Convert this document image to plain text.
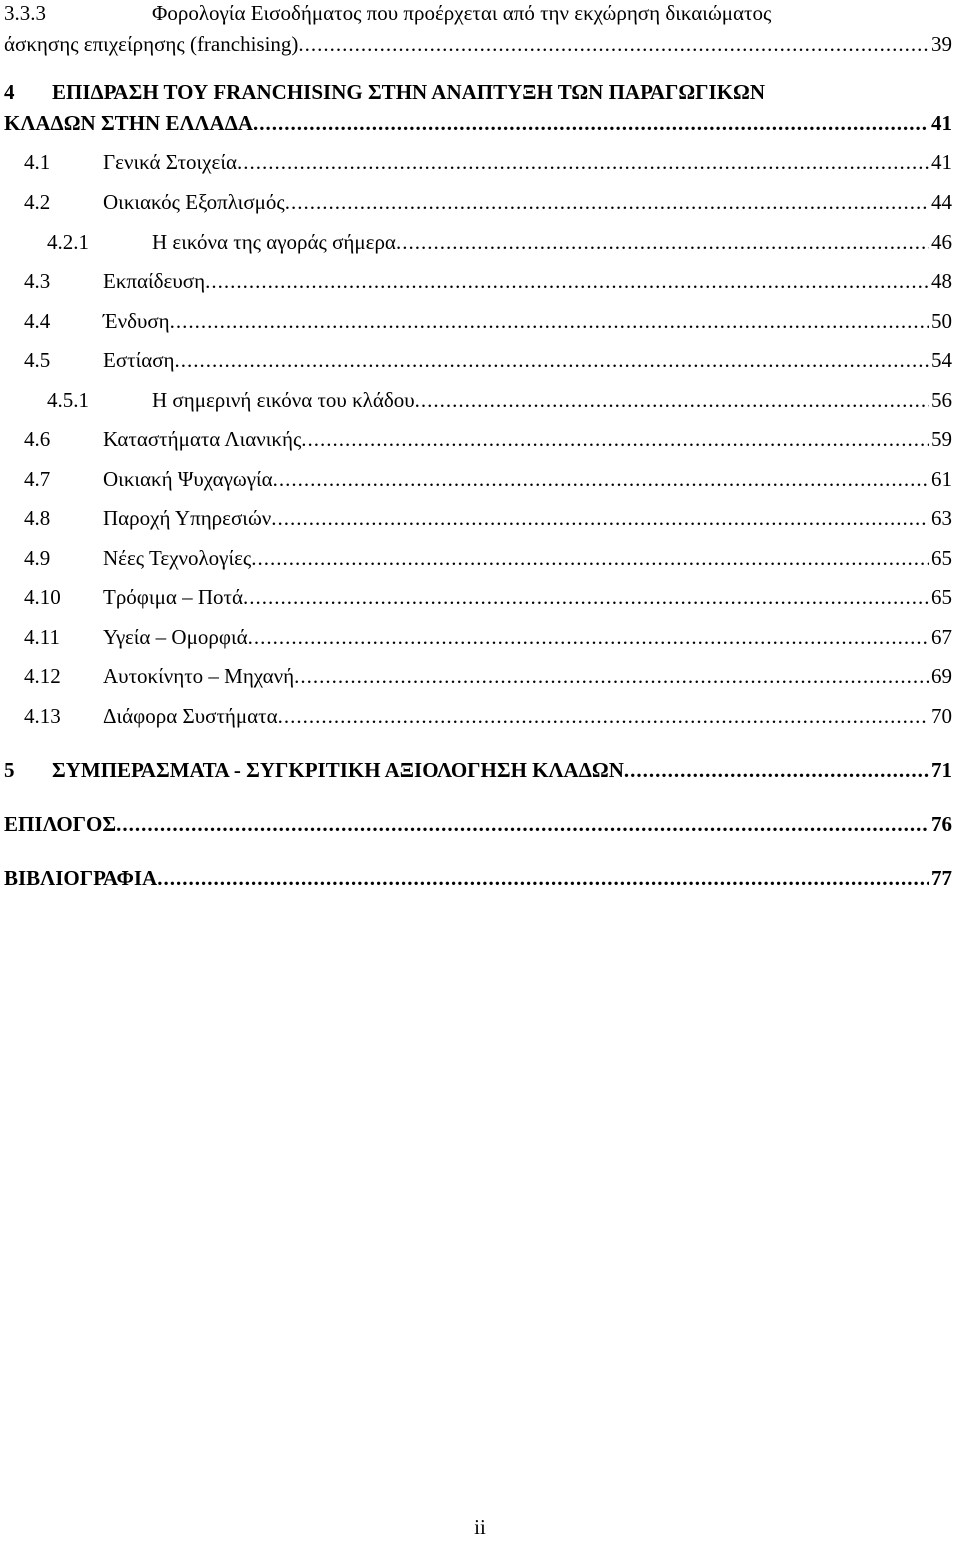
3.3.3	Φορολογία Εισοδήματος που προέρχεται από την εκχώρηση δικαιώματος
άσκησης επιχείρησης (franchising) .....	39
4 ΕΠΙΔΡΑΣΗ ΤΟΥ FRANCHISING ΣΤΗΝ ΑΝΑΠΤΥΞΗ ΤΩΝ ΠΑΡΑΓΩΓΙΚΩΝ
ΚΛΑΔΩΝ ΣΤΗΝ ΕΛΛΑΔΑ .....	41
4.1	Γενικά Στοιχεία .....	41
4.2	Οικιακός Εξοπλισμός .....	44
4.2.1	Η εικόνα της αγοράς σήμερα .....	46
4.3	Εκπαίδευση .....	48
4.4	Ένδυση .....	50
4.5	Εστίαση .....	54
4.5.1	Η σημερινή εικόνα του κλάδου .....	56
4.6	Καταστήματα Λιανικής .....	59
4.7	Οικιακή Ψυχαγωγία .....	61
4.8	Παροχή Υπηρεσιών .....	63
4.9	Νέες Τεχνολογίες .....	65
4.10 Τρόφιμα – Ποτά .....	65
4.11 Υγεία – Ομορφιά .....	67
4.12 Αυτοκίνητο – Μηχανή .....	69
4.13 Διάφορα Συστήματα .....	70
5 ΣΥΜΠΕΡΑΣΜΑΤΑ - ΣΥΓΚΡΙΤΙΚΗ ΑΞΙΟΛΟΓΗΣΗ ΚΛΑΔΩΝ .....	71
ΕΠΙΛΟΓΟΣ .....	76
ΒΙΒΛΙΟΓΡΑΦΙΑ .....	77
ii
